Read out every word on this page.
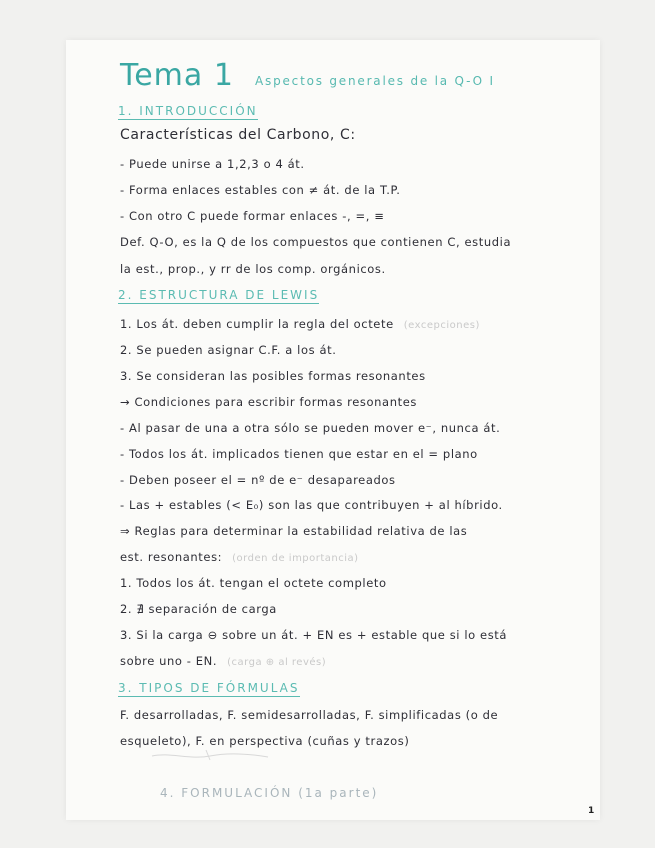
Tema 1 Aspectos generales de la Q-O I
1. INTRODUCCIÓN
Características del Carbono, C:
- Puede unirse a 1,2,3 o 4 át.
- Forma enlaces estables con ≠ át. de la T.P.
- Con otro C puede formar enlaces -, =, ≡
Def. Q-O, es la Q de los compuestos que contienen C, estudia
la est., prop., y rr de los comp. orgánicos.
2. ESTRUCTURA DE LEWIS
1. Los át. deben cumplir la regla del octete (excepciones)
2. Se pueden asignar C.F. a los át.
3. Se consideran las posibles formas resonantes
→ Condiciones para escribir formas resonantes
- Al pasar de una a otra sólo se pueden mover e⁻, nunca át.
- Todos los át. implicados tienen que estar en el = plano
- Deben poseer el = nº de e⁻ desapareados
- Las + estables (< E₀) son las que contribuyen + al híbrido.
⇒ Reglas para determinar la estabilidad relativa de las
est. resonantes: (orden de importancia)
1. Todos los át. tengan el octete completo
2. ∄ separación de carga
3. Si la carga ⊖ sobre un át. + EN es + estable que si lo está
sobre uno - EN. (carga ⊕ al revés)
3. TIPOS DE FÓRMULAS
F. desarrolladas, F. semidesarrolladas, F. simplificadas (o de
esqueleto), F. en perspectiva (cuñas y trazos)
4. FORMULACIÓN (1a parte)
1
